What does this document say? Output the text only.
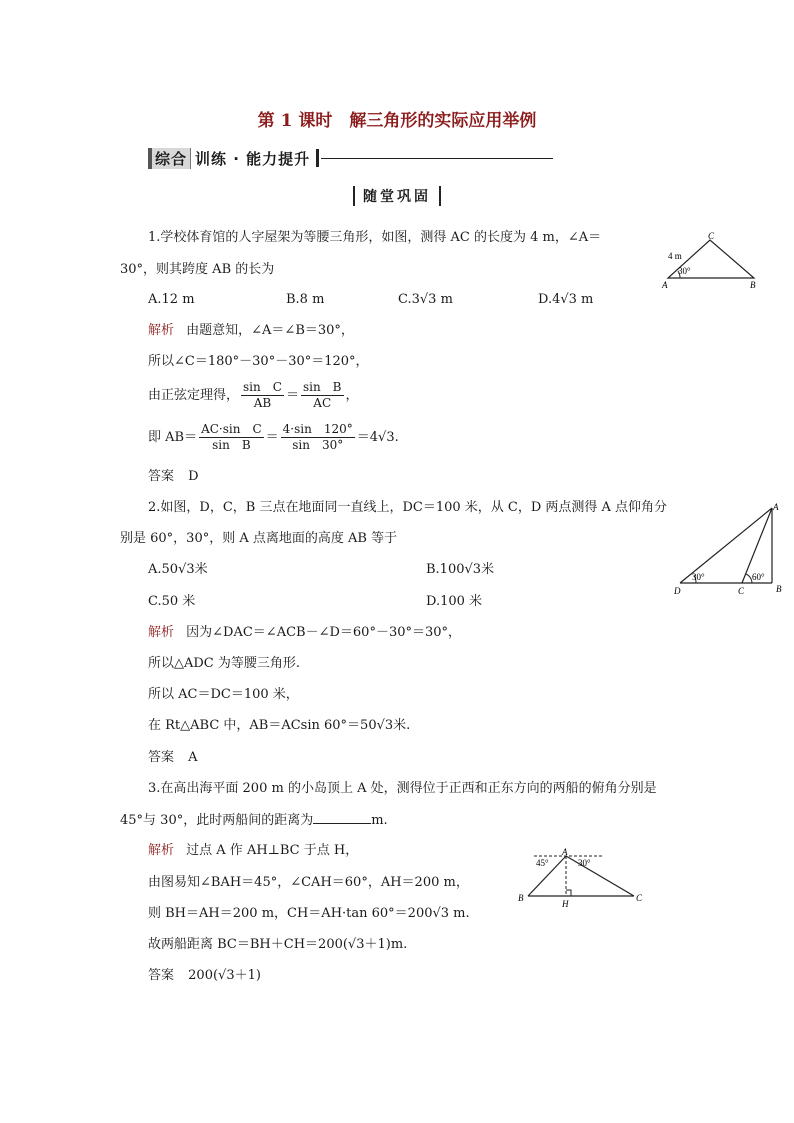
第 1 课时　解三角形的实际应用举例
综合 训练 · 能力提升
随堂巩固
1.学校体育馆的人字屋架为等腰三角形，如图，测得 AC 的长度为 4 m，∠A＝
30°，则其跨度 AB 的长为
4 m
30°
C
A	B
A.12 m	B.8 m	C.3√3 m	D.4√3 m
解析 由题意知，∠A＝∠B＝30°，
所以∠C＝180°－30°－30°＝120°，
由正弦定理得， $\frac{\text{sin　C}}{AB} = \frac{\text{sin　B}}{AC}$ ，
即 $AB= \frac{\text{AC·sin　C}}{\text{sin　B}} = \frac{4\cdot\sin 120^\circ}{\sin 30^\circ} =4√3$.
答案 D
2.如图，D，C，B 三点在地面同一直线上，DC＝100 米，从 C，D 两点测得 A 点仰角分
别是 60°，30°，则 A 点离地面的高度 AB 等于
30°	60°
A
B
C
D
A.50√3米	B.100√3米
C.50 米	D.100 米
解析 因为∠DAC＝∠ACB－∠D＝60°－30°＝30°，
所以△ADC 为等腰三角形.
所以 AC＝DC＝100 米，
在 Rt△ABC 中，AB＝ACsin 60°＝50√3米.
答案 A
3.在高出海平面 200 m 的小岛顶上 A 处，测得位于正西和正东方向的两船的俯角分别是
45°与 30°，此时两船间的距离为	m.
45°	30°
A
B	C
H
解析 过点 A 作 AH⊥BC 于点 H，
由图易知∠BAH＝45°，∠CAH＝60°，AH＝200 m，
则 BH＝AH＝200 m，CH＝AH·tan 60°＝200√3 m.
故两船距离 BC＝BH＋CH＝200(√3＋1)m.
答案 200(√3＋1)
